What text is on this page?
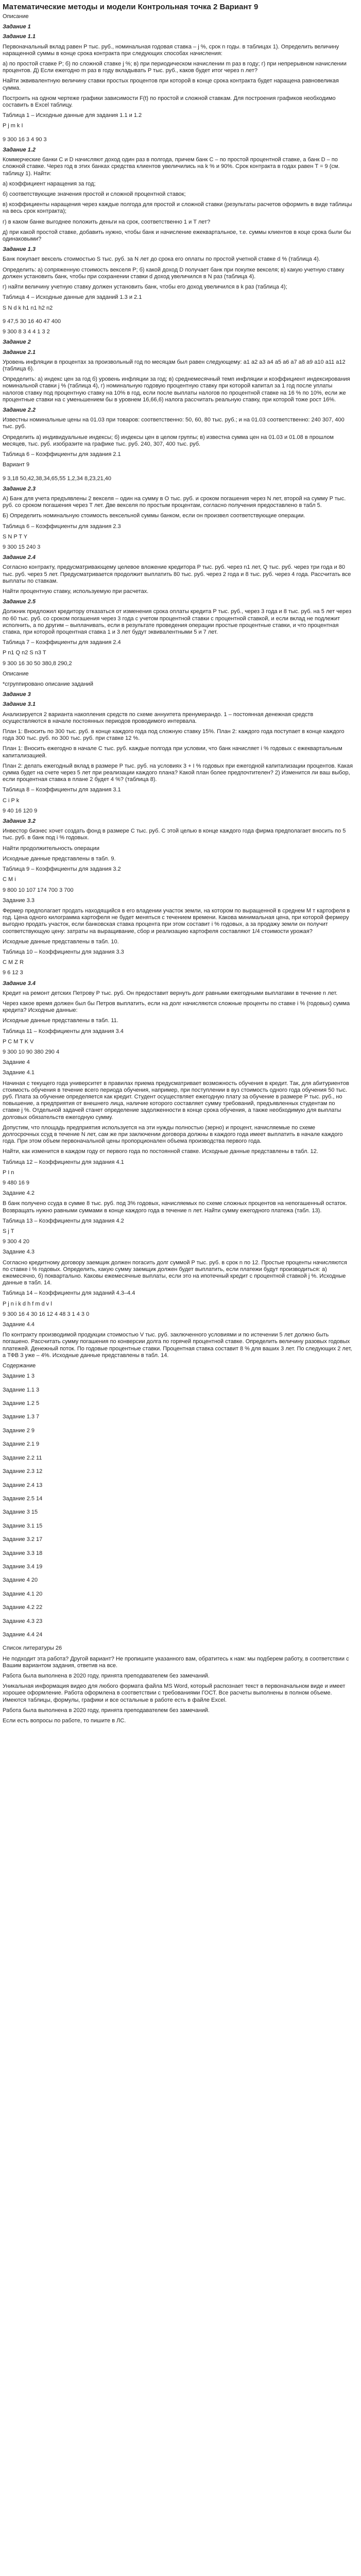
Математические методы и модели Контрольная точка 2 Вариант 9
Описание
Задание 1
Задание 1.1
Первоначальный вклад равен P тыс. руб., номинальная годовая ставка – j %, срок n годы. в таблицах 1). Определить величину наращенной суммы в конце срока контракта при следующих способах начисления:
а) по простой ставке P; б) по сложной ставке j %; в) при периодическом начислении m раз в году; г) при непрерывном начислении процентов. Д) Если ежегодно m раз в году вкладывать P тыс. руб., каков будет итог через n лет?
Найти эквивалентную величину ставки простых процентов при которой в конце срока контракта будет наращена равновеликая сумма.
Построить на одном чертеже графики зависимости F(t) по простой и сложной ставкам. Для построения графиков необходимо составить в Excel таблицу.
Таблица 1 – Исходные данные для задания 1.1 и 1.2
P j m k I

9 300 16 3 4 90 3
Задание 1.2
Коммерческие банки С и D начисляют доход один раз в полгода, причем банк С – по простой процентной ставке, а банк D – по сложной ставке. Через год в этих банках средства клиентов увеличились на k % и 90%. Срок контракта в годах равен T = 9 (см. таблицу 1). Найти:
а) коэффициент наращения за год;
б) соответствующие значения простой и сложной процентной ставок;
в) коэффициенты наращения через каждые полгода для простой и сложной ставки (результаты расчетов оформить в виде таблицы на весь срок контракта);
г) в каком банке выгоднее положить деньги на срок, соответственно 1 и T лет?
д) при какой простой ставке, добавить нужно, чтобы банк и начисление ежеквартальное, т.е. суммы клиентов в коце срока были бы одинаковыми?
Задание 1.3
Банк покупает вексель стоимостью S тыс. руб. за N лет до срока его оплаты по простой учетной ставке d % (таблица 4).
Определить: а) сопряженную стоимость векселя P; б) какой доход D получает банк при покупке векселя; в) какую учетную ставку должен установить банк, чтобы при сохранении ставки d доход увеличился в N раз (таблица 4).
г) найти величину учетную ставку должен установить банк, чтобы его доход увеличился в k раз (таблица 4);
Таблица 4 – Исходные данные для заданий 1.3 и 2.1
S N d k h1 n1 h2 n2

9 47,5 30 16 40 47 400
9 300 8 3 4 4 1 3 2
Задание 2
Задание 2.1
Уровень инфляции в процентах за произвольный год по месяцам был равен следующему: a1 a2 a3 a4 a5 a6 a7 a8 a9 a10 a11 a12 (таблица 6).
Определить: а) индекс цен за год б) уровень инфляции за год; в) среднемесячный темп инфляции и коэффициент индексирования номинальной ставки j % (таблица 4), г) номинальную годовую процентную ставку при которой капитал за 1 год после уплаты налогов ставку под процентную ставку на 10% в год, если после выплаты налогов по процентной ставке на 16 % по 10%, если же процентные ставки на с уменьшением бы в уровнем 16,66,6) налога рассчитать реальную ставку, при которой тоже рост 16%.
Задание 2.2
Известны номинальные цены на 01.03 при товаров: соответственно: 50, 60, 80 тыс. руб.; и на 01.03 соответственно: 240 307, 400 тыс. руб.
Определить а) индивидуальные индексы; б) индексы цен в целом группы; в) известна сумма цен на 01.03 и 01.08 в прошлом месяцев, тыс. руб. изобразите на графике тыс. руб. 240, 307, 400 тыс. руб.
Таблица 6 – Коэффициенты для задания 2.1
Вариант 9

9 3,18 50,42,38,34,65,55 1,2,34 8,23,21,40
Задание 2.3
А) Банк для учета предъявлены 2 векселя – один на сумму в O тыс. руб. и сроком погашения через N лет, второй на сумму P тыс. руб. со сроком погашения через T лет. Две векселя по простым процентам, согласно получения предоставлено в табл 5.
Б) Определить номинальную стоимость вексельной суммы банком, если он произвел соответствующие операции.
Таблица 6 – Коэффициенты для задания 2.3
S N P T Y
9 300 15 240 3
Задание 2.4
Согласно контракту, предусматривающему целевое вложение кредитора P тыс. руб. через n1 лет, Q тыс. руб. через три года и 80 тыс. руб. через 5 лет. Предусматривается продолжит выплатить 80 тыс. руб. через 2 года и 8 тыс. руб. через 4 года. Рассчитать все выплаты по ставкам.
Найти процентную ставку, используемую при расчетах.
Задание 2.5
Должник предложил кредитору отказаться от изменения срока оплаты кредита P тыс. руб., через 3 года и 8 тыс. руб. на 5 лет через по 60 тыс. руб. со сроком погашения через 3 года с учетом процентной ставки с процентной ставкой, и если вклад не подлежит исполнить, а по другим – выплачивать, если в результате проведения операции простые процентные ставки, и что процентная ставка, при которой процентная ставка 1 и 3 лет будут эквивалентными 5 и 7 лет.
Таблица 7 – Коэффициенты для задания 2.4
P n1 Q n2 S n3 T
9 300 16 30 50 380,8 290,2
Описание
*сгруппировано описание заданий
Задание 3
Задание 3.1
Анализируется 2 варианта накопления средств по схеме аннуитета пренумерандо. 1 – постоянная денежная средств осуществляются в начале постоянных периодов проводимого интервала.
План 1: Вносить по 300 тыс. руб. в конце каждого года под сложную ставку 15%. План 2: каждого года поступает в конце каждого года 300 тыс. руб. по 300 тыс. руб. при ставке 12 %.
План 1: Вносить ежегодно в начале С тыс. руб. каждые полгода при условии, что банк начисляет i % годовых с ежеквартальным капитализацией.
План 2: делать ежегодный вклад в размере Р тыс. руб. на условиях 3 + I % годовых при ежегодной капитализации процентов. Какая сумма будет на счете через 5 лет при реализации каждого плана? Какой план более предпочтителен? 2) Изменится ли ваш выбор, если процентная ставка в плане 2 будет 4 %? (таблица 8).
Таблица 8 – Коэффициенты для задания 3.1
C i P k
9 40 16 120 9
Задание 3.2
Инвестор бизнес хочет создать фонд в размере С тыс. руб. С этой целью в конце каждого года фирма предполагает вносить по 5 тыс. руб. в банк под i % годовых.
Найти продолжительность операции
Исходные данные представлены в табл. 9.
Таблица 9 – Коэффициенты для задания 3.2
C M i
9 800 10 107 174 700 3 700
Задание 3.3
Фермер предполагает продать находящийся в его владении участок земли, на котором по выращенной в среднем M т картофеля в год. Цена одного килограмма картофеля не будет меняться с течением времени. Какова минимальная цена, при которой фермеру выгодно продать участок, если банковская ставка процента при этом составит i % годовых, а за продажу земли он получит соответствующую цену: затраты на выращивание, сбор и реализацию картофеля составляют 1/4 стоимости урожая?
Исходные данные представлены в табл. 10.
Таблица 10 – Коэффициенты для задания 3.3
C M Z R
9 6 12 3
Задание 3.4
Кредит на ремонт детских Петрову P тыс. руб. Он предоставит вернуть долг равными ежегодными выплатами в течение n лет.
Через какое время должен был бы Петров выплатить, если на долг начисляются сложные проценты по ставке i % (годовых) сумма кредита? Исходные данные:
Исходные данные представлены в табл. 11.
Таблица 11 – Коэффициенты для задания 3.4
P C M T K V
9 300 10 90 380 290 4
Задание 4
Задание 4.1
Начиная с текущего года университет в правилах приема предусматривает возможность обучения в кредит. Так, для абитуриентов стоимость обучения в течение всего периода обучения, например, при поступлении в вуз стоимость одного года обучения 50 тыс. руб. Плата за обучение определяется как кредит. Студент осуществляет ежегодную плату за обучение в размере P тыс. руб., но повышение, а предприятия от внешнего лица, наличие которого составляет сумму требований, предъявленных студентам по ставке j %. Отдельной задачей станет определение задолженности в конце срока обучения, а также необходимую для выплаты долговых обязательств ежегодную сумму.
Допустим, что площадь предприятия используется на эти нужды полностью (зерно) и процент, начисляемые по схеме долгосрочных ссуд в течение N лет, сам же при заключении договора должны в каждого года имеет выплатить в начале каждого года. При этом объем первоначальной цены пропорционален объема производства первого года.
Найти, как изменится в каждом году от первого года по постоянной ставке. Исходные данные представлены в табл. 12.
Таблица 12 – Коэффициенты для задания 4.1
P I n
9 480 16 9
Задание 4.2
В банк получено ссуда в сумме 8 тыс. руб. под 3% годовых, начисляемых по схеме сложных процентов на непогашенный остаток. Возвращать нужно равными суммами в конце каждого года в течение n лет. Найти сумму ежегодного платежа (табл. 13).
Таблица 13 – Коэффициенты для задания 4.2
S j T
9 300 4 20
Задание 4.3
Согласно кредитному договору заемщик должен погасить долг суммой P тыс. руб. в срок n по 12. Простые проценты начисляются по ставке i % годовых. Определить, какую сумму заемщик должен будет выплатить, если платежи будут производиться: а) ежемесячно, б) поквартально. Каковы ежемесячные выплаты, если это на ипотечный кредит с процентной ставкой j %. Исходные данные в табл. 14.
Таблица 14 – Коэффициенты для заданий 4.3–4.4
P j n i k d h f m d v l
9 300 16 4 30 16 12 4 48 3 1 4 3 0
Задание 4.4
По контракту производимой продукции стоимостью V тыс. руб. заключенного условиями и по истечении 5 лет должно быть погашено. Рассчитать сумму погашения по конверсии долга по горячей процентной ставке. Определить величину разовых годовых платежей. Денежный поток. По годовые процентные ставки. Процентная ставка составит 8 % для ваших 3 лет. По следующих 2 лет, а ТФВ 3 уже – 4%. Исходные данные представлены в табл. 14.
Содержание
Задание 1 3

Задание 1.1 3

Задание 1.2 5

Задание 1.3 7

Задание 2 9

Задание 2.1 9

Задание 2.2 11

Задание 2.3 12

Задание 2.4 13

Задание 2.5 14

Задание 3 15

Задание 3.1 15

Задание 3.2 17

Задание 3.3 18

Задание 3.4 19

Задание 4 20

Задание 4.1 20

Задание 4.2 22

Задание 4.3 23

Задание 4.4 24

Список литературы 26
Не подходит эта работа? Другой вариант? Не пропишите указанного вам, обратитесь к нам: мы подберем работу, в соответствии с Вашим вариантом задания, ответив на все.
Работа была выполнена в 2020 году, принята преподавателем без замечаний.
Уникальная информация видео для любого формата файла MS Word, который распознает текст в первоначальном виде и имеет хорошее оформление. Работа оформлена в соответствии с требованиями ГОСТ. Все расчеты выполнены в полном объеме. Имеются таблицы, формулы, графики и все остальные в работе есть в файле Excel.
Работа была выполнена в 2020 году, принята преподавателем без замечаний.
Если есть вопросы по работе, то пишите в ЛС.
